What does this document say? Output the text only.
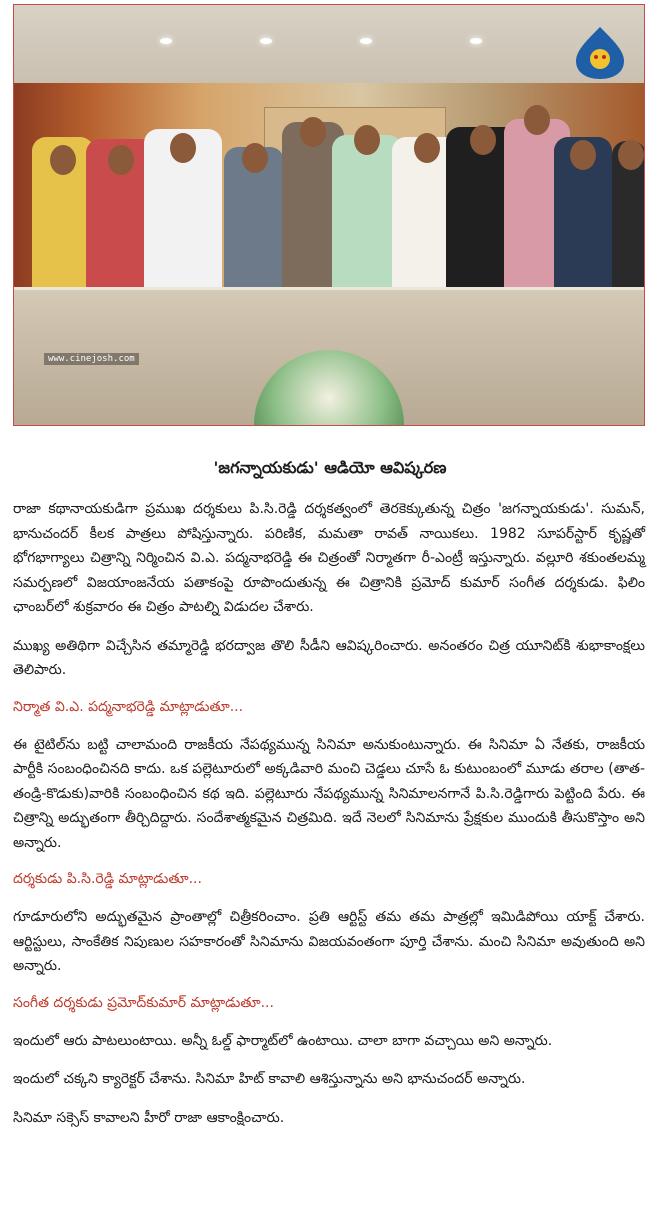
www.cinejosh.com
'జగన్నాయకుడు' ఆడియో ఆవిష్కరణ

రాజా కథానాయకుడిగా ప్రముఖ దర్శకులు పి.సి.రెడ్డి దర్శకత్వంలో తెరకెక్కుతున్న చిత్రం 'జగన్నాయకుడు'. సుమన్, భానుచందర్ కీలక పాత్రలు పోషిస్తున్నారు. పరిణిక, మమతా రావత్ నాయికలు. 1982 సూపర్‌స్టార్ కృష్ణతో భోగభాగ్యాలు చిత్రాన్ని నిర్మించిన వి.ఎ. పద్మనాభరెడ్డి ఈ చిత్రంతో నిర్మాతగా రీ-ఎంట్రీ ఇస్తున్నారు. వల్లూరి శకుంతలమ్మ సమర్పణలో విజయాంజనేయ పతాకంపై రూపొందుతున్న ఈ చిత్రానికి ప్రమోద్ కుమార్ సంగీత దర్శకుడు. ఫిలిం ఛాంబర్‌లో శుక్రవారం ఈ చిత్రం పాటల్ని విడుదల చేశారు.

ముఖ్య అతిథిగా విచ్చేసిన తమ్మారెడ్డి భరద్వాజ తొలి సీడీని ఆవిష్కరించారు. అనంతరం చిత్ర యూనిట్‌కి శుభాకాంక్షలు తెలిపారు.

నిర్మాత వి.ఎ. పద్మనాభరెడ్డి మాట్లాడుతూ...

ఈ టైటిల్‌ను బట్టి చాలామంది రాజకీయ నేపథ్యమున్న సినిమా అనుకుంటున్నారు. ఈ సినిమా ఏ నేతకు, రాజకీయ పార్టీకి సంబంధించినది కాదు. ఒక పల్లెటూరులో అక్కడివారి మంచి చెడ్డలు చూసే ఓ కుటుంబంలో మూడు తరాల (తాత-తండ్రి-కొడుకు)వారికి సంబంధించిన కథ ఇది. పల్లెటూరు నేపథ్యమున్న సినిమాలనగానే పి.సి.రెడ్డిగారు పెట్టింది పేరు. ఈ చిత్రాన్ని అద్భుతంగా తీర్చిదిద్దారు. సందేశాత్మకమైన చిత్రమిది. ఇదే నెలలో సినిమాను ప్రేక్షకుల ముందుకి తీసుకొస్తాం అని అన్నారు.

దర్శకుడు పి.సి.రెడ్డి మాట్లాడుతూ...

గూడూరులోని అద్భుతమైన ప్రాంతాల్లో చిత్రీకరించాం. ప్రతి ఆర్టిస్ట్ తమ తమ పాత్రల్లో ఇమిడిపోయి యాక్ట్ చేశారు. ఆర్టిస్టులు, సాంకేతిక నిపుణుల సహకారంతో సినిమాను విజయవంతంగా పూర్తి చేశాను. మంచి సినిమా అవుతుంది అని అన్నారు.

సంగీత దర్శకుడు ప్రమోద్‌కుమార్ మాట్లాడుతూ...

ఇందులో ఆరు పాటలుంటాయి. అన్నీ ఓల్డ్ ఫార్మాట్‌లో ఉంటాయి. చాలా బాగా వచ్చాయి అని అన్నారు.

ఇందులో చక్కని క్యారెక్టర్ చేశాను. సినిమా హిట్ కావాలి ఆశిస్తున్నాను అని భానుచందర్ అన్నారు.

సినిమా సక్సెస్ కావాలని హీరో రాజా ఆకాంక్షించారు.
